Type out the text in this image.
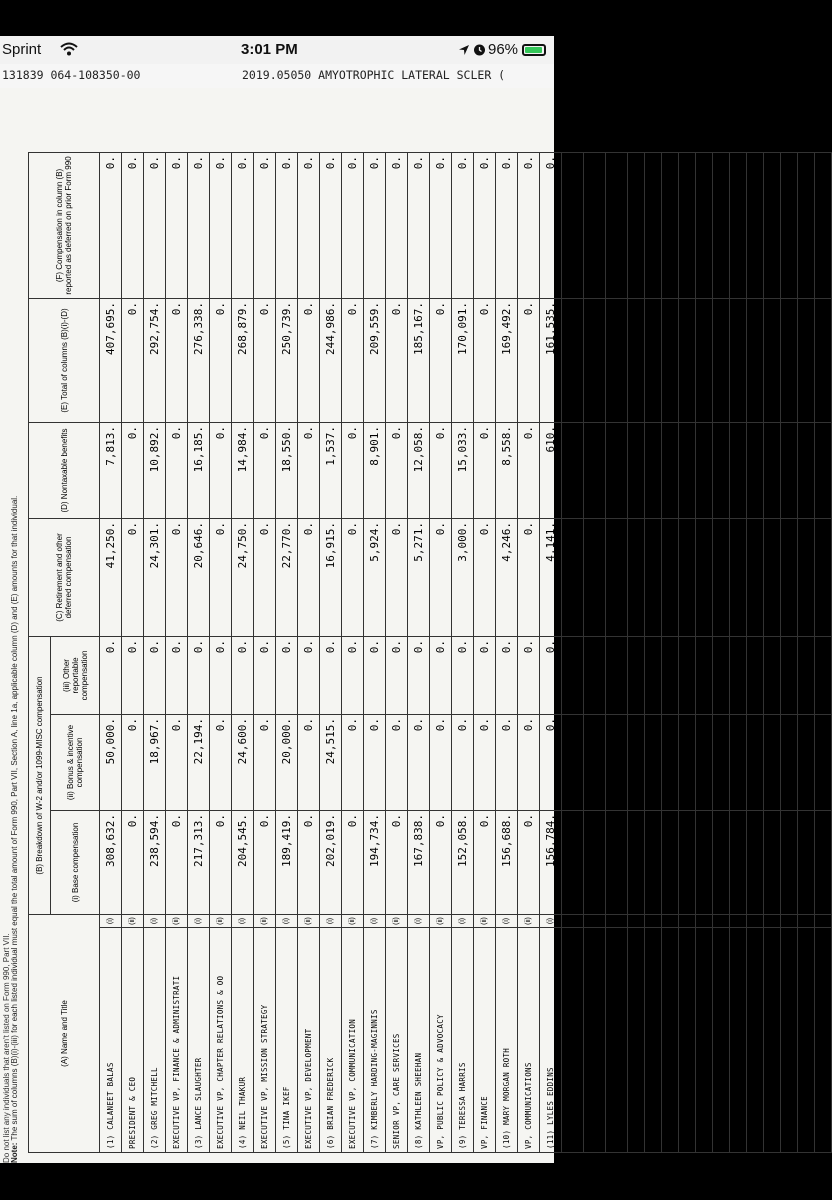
Sprint	3:01 PM	96%
131839 064-108350-00	2019.05050 AMYOTROPHIC LATERAL SCLER (
Do not list any individuals that aren't listed on Form 990, Part VII. Note: The sum of columns (B)(i)-(iii) for each listed individual must equal the total amount of Form 990, Part VII, Section A, line 1a, applicable column (D) and (E) amounts for that individual.	(A) Name and Title		(B) Breakdown of W-2 and/or 1099-MISC compensation			(C) Retirement and other deferred compensation	(D) Nontaxable benefits	(E) Total of columns (B)(i)-(D)	(F) Compensation in column (B) reported as deferred on prior Form 990
		(i) Base compensation	(ii) Bonus & incentive compensation	(iii) Other reportable compensation				
(1) CALANEET BALAS	(i)	308,632.	50,000.	0.	41,250.	7,813.	407,695.	0.
PRESIDENT & CEO	(ii)	0.	0.	0.	0.	0.	0.	0.
(2) GREG MITCHELL	(i)	238,594.	18,967.	0.	24,301.	10,892.	292,754.	0.
EXECUTIVE VP, FINANCE & ADMINISTRATI	(ii)	0.	0.	0.	0.	0.	0.	0.
(3) LANCE SLAUGHTER	(i)	217,313.	22,194.	0.	20,646.	16,185.	276,338.	0.
EXECUTIVE VP, CHAPTER RELATIONS & OO	(ii)	0.	0.	0.	0.	0.	0.	0.
(4) NEIL THAKUR	(i)	204,545.	24,600.	0.	24,750.	14,984.	268,879.	0.
EXECUTIVE VP, MISSION STRATEGY	(ii)	0.	0.	0.	0.	0.	0.	0.
(5) TINA IKEF	(i)	189,419.	20,000.	0.	22,770.	18,550.	250,739.	0.
EXECUTIVE VP, DEVELOPMENT	(ii)	0.	0.	0.	0.	0.	0.	0.
(6) BRIAN FREDERICK	(i)	202,019.	24,515.	0.	16,915.	1,537.	244,986.	0.
EXECUTIVE VP, COMMUNICATION	(ii)	0.	0.	0.	0.	0.	0.	0.
(7) KIMBERLY HARDING-MAGINNIS	(i)	194,734.	0.	0.	5,924.	8,901.	209,559.	0.
SENIOR VP, CARE SERVICES	(ii)	0.	0.	0.	0.	0.	0.	0.
(8) KATHLEEN SHEEHAN	(i)	167,838.	0.	0.	5,271.	12,058.	185,167.	0.
VP, PUBLIC POLICY & ADVOCACY	(ii)	0.	0.	0.	0.	0.	0.	0.
(9) TERESSA HARRIS	(i)	152,058.	0.	0.	3,000.	15,033.	170,091.	0.
VP, FINANCE	(ii)	0.	0.	0.	0.	0.	0.	0.
(10) MARY MORGAN ROTH	(i)	156,688.	0.	0.	4,246.	8,558.	169,492.	0.
VP, COMMUNICATIONS	(ii)	0.	0.	0.	0.	0.	0.	0.
(11) LYLES EDDINS	(i)	156,784.	0.	0.	4,141.	610.	161,535.	0.
VP, DEVELOPMENT	(ii)	0.	0.	0.	0.	0.	0.	0.
(12) MONICA SANTA CRUZ	(i)	148,273.	0.	0.	3,000.	1,229.	152,502.	0.
VP, HUMAN RESOURCES & TALENT MANAGEM	(ii)	0.	0.	0.	0.	0.	0.	0.
	(i)							
	(ii)							
	(i)							
	(ii)							
	(i)							
	(ii)							
	(i)							
	(ii)							
	(i)							
	(ii)							
	(i)							
	(ii)							
